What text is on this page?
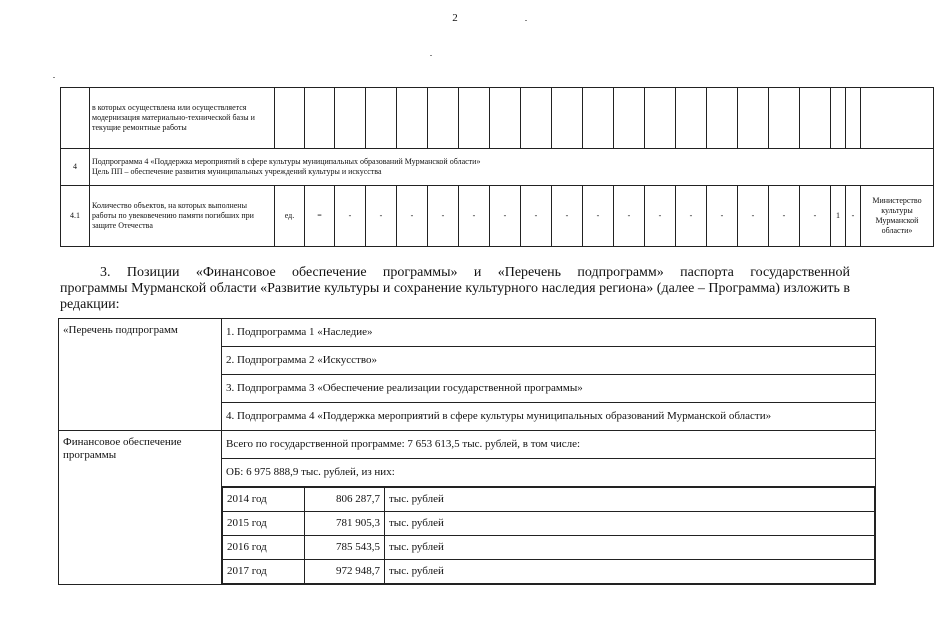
2
	в которых осуществлена или осуществляется модернизация материально-технической базы и текущие ремонтные работы																					
4	Подпрограмма 4 «Поддержка мероприятий в сфере культуры муниципальных образований Мурманской области»
Цель ПП – обеспечение развития муниципальных учреждений культуры и искусства																					

4.1	Количество объектов, на которых выполнены работы по увековечению памяти погибших при защите Отечества	ед.	=	-	-	-	-	-	-	-	-	-	-	-	-	-	-	-	-	1	-	Министерство культуры Мурманской области»
3. Позиции «Финансовое обеспечение программы» и «Перечень подпрограмм» паспорта государственной
программы Мурманской области «Развитие культуры и сохранение культурного наследия региона» (далее – Программа) изложить в редакции:
«Перечень подпрограмм	1. Подпрограмма 1 «Наследие»
2. Подпрограмма 2 «Искусство»
3. Подпрограмма 3 «Обеспечение реализации государственной программы»
4. Подпрограмма 4 «Поддержка мероприятий в сфере культуры муниципальных образований Мурманской области»
Финансовое обеспечение программы	Всего по государственной программе: 7 653 613,5 тыс. рублей, в том числе:
ОБ: 6 975 888,9 тыс. рублей, из них:

2014 год	806 287,7	тыс. рублей
2015 год	781 905,3	тыс. рублей
2016 год	785 543,5	тыс. рублей
2017 год	972 948,7	тыс. рублей
